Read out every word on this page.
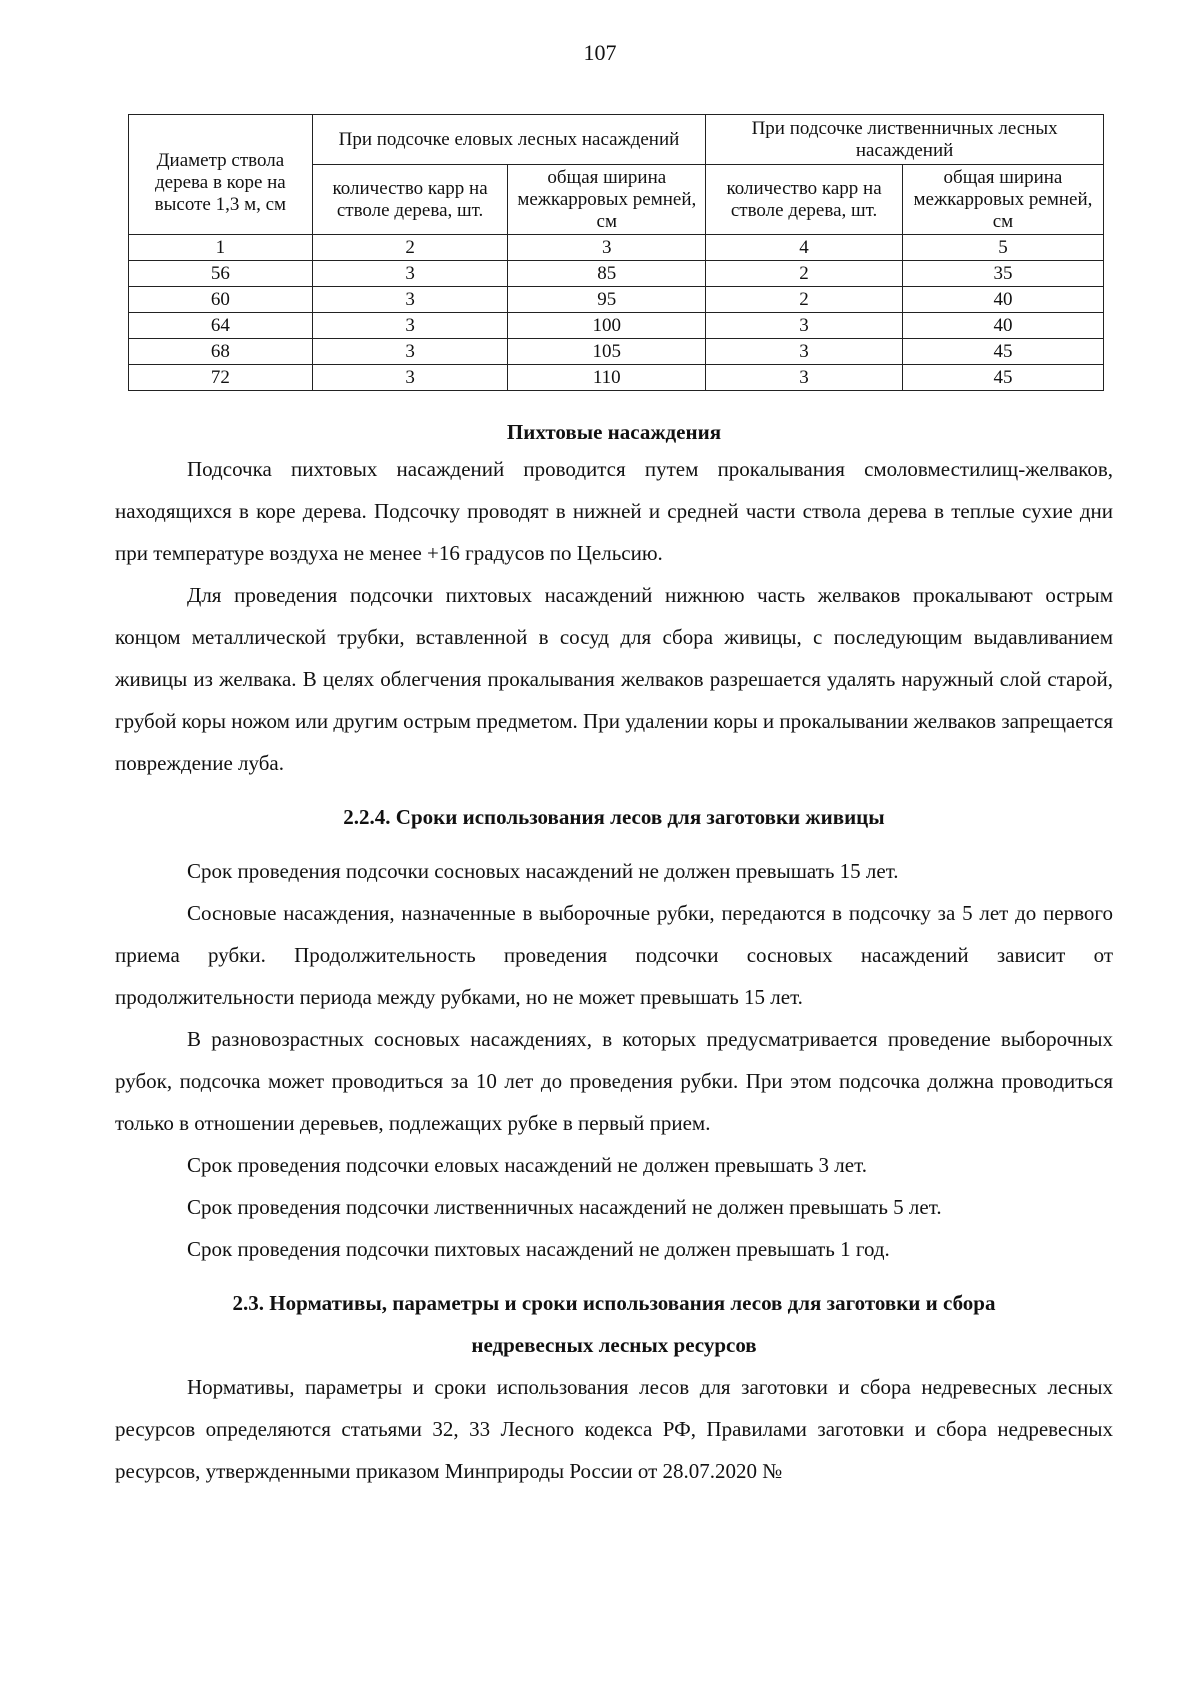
107
Диаметр ствола дерева в коре на высоте 1,3 м, см	При подсочке еловых лесных насаждений		При подсочке лиственничных лесных насаждений	
	количество карр на стволе дерева, шт.	общая ширина межкарровых ремней, см	количество карр на стволе дерева, шт.	общая ширина межкарровых ремней, см
1	2	3	4	5
56	3	85	2	35
60	3	95	2	40
64	3	100	3	40
68	3	105	3	45
72	3	110	3	45

Пихтовые насаждения

Подсочка пихтовых насаждений проводится путем прокалывания смоловместилищ-желваков, находящихся в коре дерева. Подсочку проводят в нижней и средней части ствола дерева в теплые сухие дни при температуре воздуха не менее +16 градусов по Цельсию.

Для проведения подсочки пихтовых насаждений нижнюю часть желваков прокалывают острым концом металлической трубки, вставленной в сосуд для сбора живицы, с последующим выдавливанием живицы из желвака. В целях облегчения прокалывания желваков разрешается удалять наружный слой старой, грубой коры ножом или другим острым предметом. При удалении коры и прокалывании желваков запрещается повреждение луба.

2.2.4. Сроки использования лесов для заготовки живицы

Срок проведения подсочки сосновых насаждений не должен превышать 15 лет.

Сосновые насаждения, назначенные в выборочные рубки, передаются в подсочку за 5 лет до первого приема рубки. Продолжительность проведения подсочки сосновых насаждений зависит от продолжительности периода между рубками, но не может превышать 15 лет.

В разновозрастных сосновых насаждениях, в которых предусматривается проведение выборочных рубок, подсочка может проводиться за 10 лет до проведения рубки. При этом подсочка должна проводиться только в отношении деревьев, подлежащих рубке в первый прием.

Срок проведения подсочки еловых насаждений не должен превышать 3 лет.

Срок проведения подсочки лиственничных насаждений не должен превышать 5 лет.

Срок проведения подсочки пихтовых насаждений не должен превышать 1 год.

2.3. Нормативы, параметры и сроки использования лесов для заготовки и сбора недревесных лесных ресурсов

Нормативы, параметры и сроки использования лесов для заготовки и сбора недревесных лесных ресурсов определяются статьями 32, 33 Лесного кодекса РФ, Правилами заготовки и сбора недревесных ресурсов, утвержденными приказом Минприроды России от 28.07.2020 №
